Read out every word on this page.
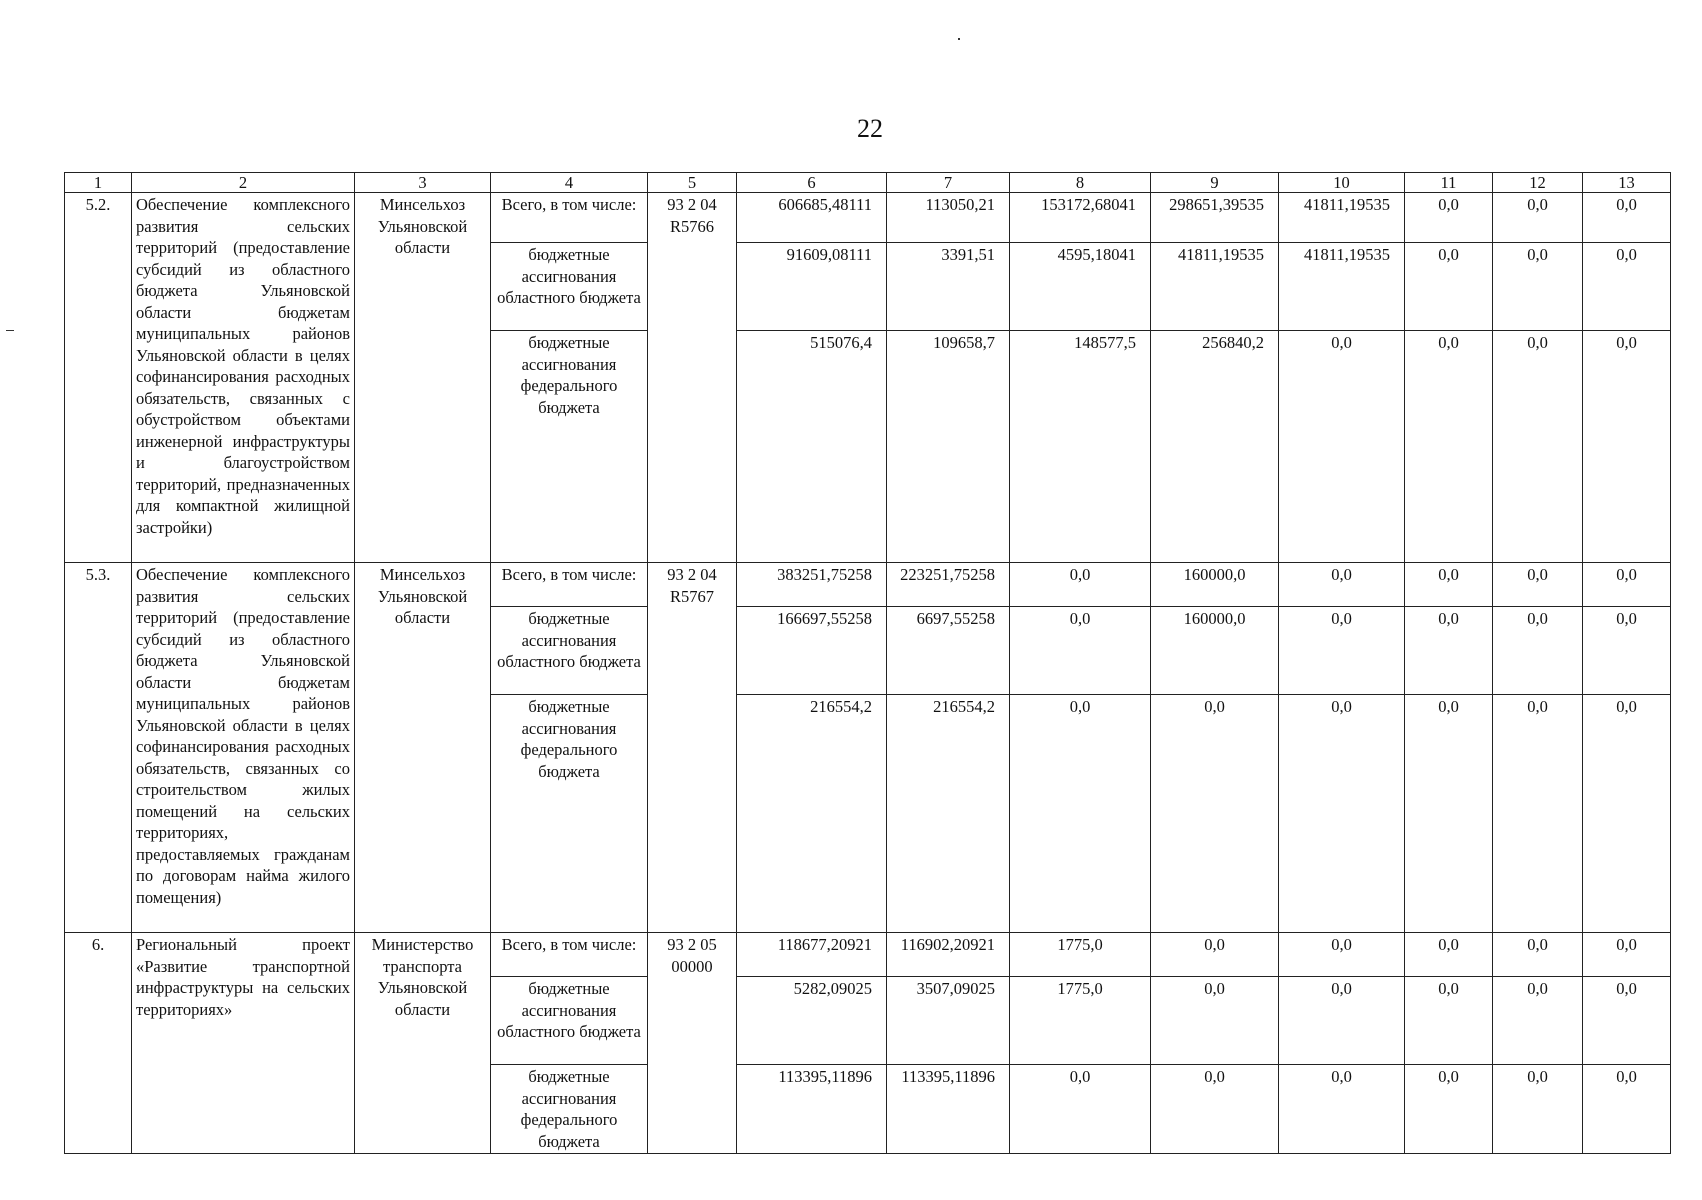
22
1	2	3	4	5	6	7	8	9	10	11	12	13
5.2.	Обеспечение комплексного развития сельских территорий (предоставление субсидий из областного бюджета Ульяновской области бюджетам муниципальных районов Ульяновской области в целях софинансирования расходных обязательств, связанных с обустройством объектами инженерной инфраструктуры и благоустройством территорий, предназначенных для компактной жилищной застройки)	Минсельхоз Ульяновской области	Всего, в том числе:	93 2 04 R5766	606685,48111	113050,21	153172,68041	298651,39535	41811,19535	0,0	0,0	0,0
			бюджетные ассигнования областного бюджета		91609,08111	3391,51	4595,18041	41811,19535	41811,19535	0,0	0,0	0,0
			бюджетные ассигнования федерального бюджета		515076,4	109658,7	148577,5	256840,2	0,0	0,0	0,0	0,0
5.3.	Обеспечение комплексного развития сельских территорий (предоставление субсидий из областного бюджета Ульяновской области бюджетам муниципальных районов Ульяновской области в целях софинансирования расходных обязательств, связанных со строительством жилых помещений на сельских территориях, предоставляемых гражданам по договорам найма жилого помещения)	Минсельхоз Ульяновской области	Всего, в том числе:	93 2 04 R5767	383251,75258	223251,75258	0,0	160000,0	0,0	0,0	0,0	0,0
			бюджетные ассигнования областного бюджета		166697,55258	6697,55258	0,0	160000,0	0,0	0,0	0,0	0,0
			бюджетные ассигнования федерального бюджета		216554,2	216554,2	0,0	0,0	0,0	0,0	0,0	0,0
6.	Региональный проект «Развитие транспортной инфраструктуры на сельских территориях»	Министерство транспорта Ульяновской области	Всего, в том числе:	93 2 05 00000	118677,20921	116902,20921	1775,0	0,0	0,0	0,0	0,0	0,0
			бюджетные ассигнования областного бюджета		5282,09025	3507,09025	1775,0	0,0	0,0	0,0	0,0	0,0
			бюджетные ассигнования федерального бюджета		113395,11896	113395,11896	0,0	0,0	0,0	0,0	0,0	0,0
